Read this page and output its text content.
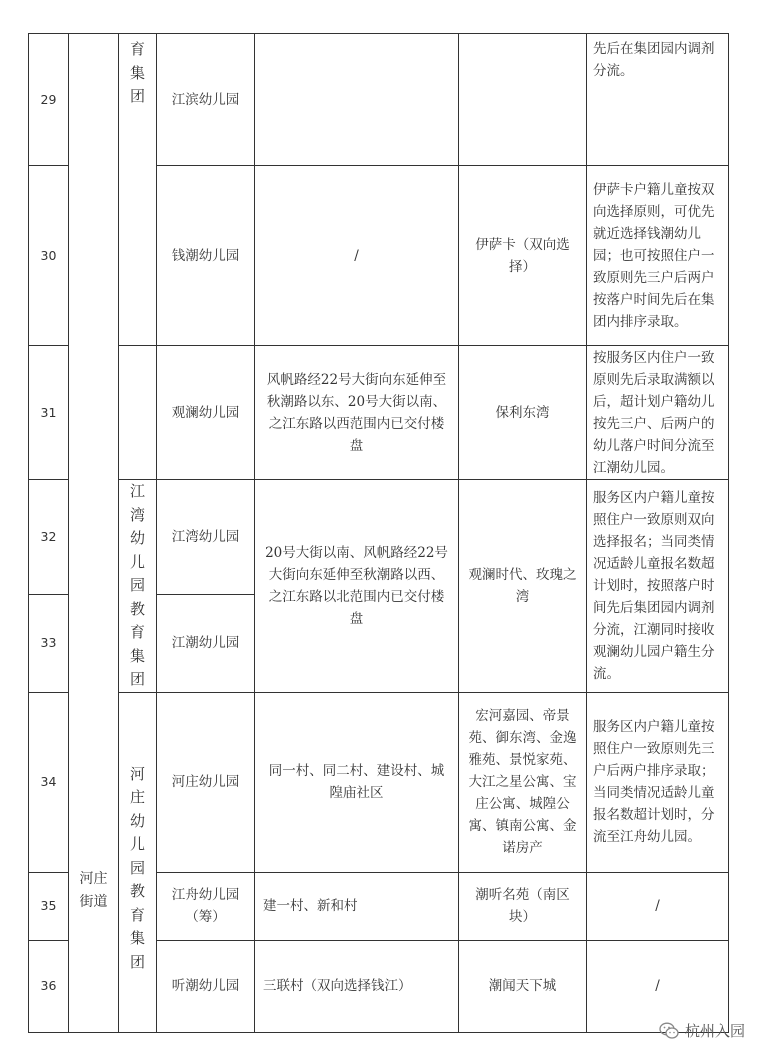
29	河庄街道	育集团	江滨幼儿园			先后在集团园内调剂分流。
30			钱潮幼儿园	/	伊萨卡（双向选择）	伊萨卡户籍儿童按双向选择原则，可优先就近选择钱潮幼儿园；也可按照住户一致原则先三户后两户按落户时间先后在集团内排序录取。
31			观澜幼儿园	风帆路经22号大街向东延伸至秋潮路以东、20号大街以南、之江东路以西范围内已交付楼盘	保利东湾	按服务区内住户一致原则先后录取满额以后，超计划户籍幼儿按先三户、后两户的幼儿落户时间分流至江潮幼儿园。
32		江湾幼儿园教育集团	江湾幼儿园	20号大街以南、风帆路经22号大街向东延伸至秋潮路以西、之江东路以北范围内已交付楼盘	观澜时代、玫瑰之湾	服务区内户籍儿童按照住户一致原则双向选择报名；当同类情况适龄儿童报名数超计划时，按照落户时间先后集团园内调剂分流，江潮同时接收观澜幼儿园户籍生分流。
33			江潮幼儿园			
34		河庄幼儿园教育集团	河庄幼儿园	同一村、同二村、建设村、城隍庙社区	宏河嘉园、帝景苑、御东湾、金逸雅苑、景悦家苑、大江之星公寓、宝庄公寓、城隍公寓、镇南公寓、金诺房产	服务区内户籍儿童按照住户一致原则先三户后两户排序录取；当同类情况适龄儿童报名数超计划时，分流至江舟幼儿园。
35			江舟幼儿园（筹）	建一村、新和村	潮听名苑（南区块）	/
36			听潮幼儿园	三联村（双向选择钱江）	潮闻天下城	/
杭州入园
